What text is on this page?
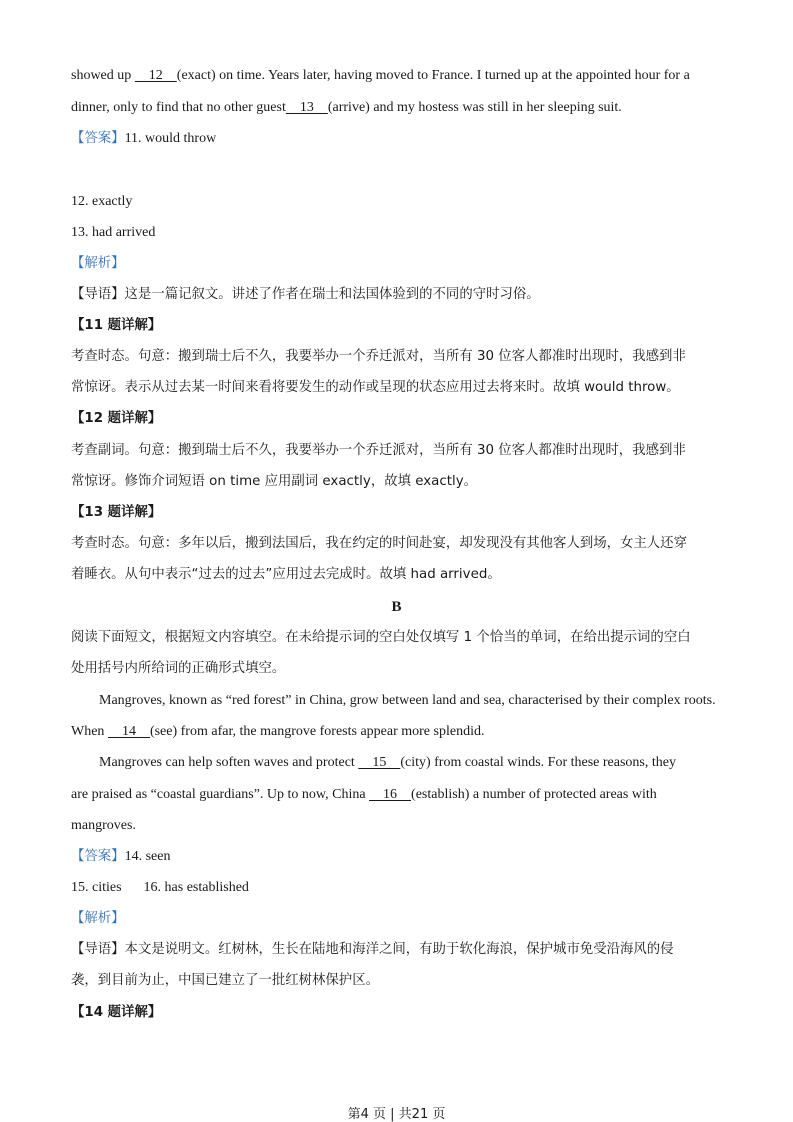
showed up     12    (exact) on time. Years later, having moved to France. I turned up at the appointed hour for a
dinner, only to find that no other guest    13    (arrive) and my hostess was still in her sleeping suit.
【答案】11. would throw
12. exactly
13. had arrived
【解析】
【导语】这是一篇记叙文。讲述了作者在瑞士和法国体验到的不同的守时习俗。
【11 题详解】
考查时态。句意：搬到瑞士后不久，我要举办一个乔迁派对，当所有 30 位客人都准时出现时，我感到非
常惊讶。表示从过去某一时间来看将要发生的动作或呈现的状态应用过去将来时。故填 would throw。
【12 题详解】
考查副词。句意：搬到瑞士后不久，我要举办一个乔迁派对，当所有 30 位客人都准时出现时，我感到非
常惊讶。修饰介词短语 on time 应用副词 exactly，故填 exactly。
【13 题详解】
考查时态。句意：多年以后，搬到法国后，我在约定的时间赴宴，却发现没有其他客人到场，女主人还穿
着睡衣。从句中表示“过去的过去”应用过去完成时。故填 had arrived。
B
阅读下面短文，根据短文内容填空。在未给提示词的空白处仅填写 1 个恰当的单词，在给出提示词的空白
处用括号内所给词的正确形式填空。
Mangroves, known as “red forest” in China, grow between land and sea, characterised by their complex roots.
When     14    (see) from afar, the mangrove forests appear more splendid.
Mangroves can help soften waves and protect     15    (city) from coastal winds. For these reasons, they
are praised as “coastal guardians”. Up to now, China     16    (establish) a number of protected areas with
mangroves.
【答案】14. seen
15. cities 16. has established
【解析】
【导语】本文是说明文。红树林，生长在陆地和海洋之间，有助于软化海浪，保护城市免受沿海风的侵
袭，到目前为止，中国已建立了一批红树林保护区。
【14 题详解】
第4 页 | 共21 页
